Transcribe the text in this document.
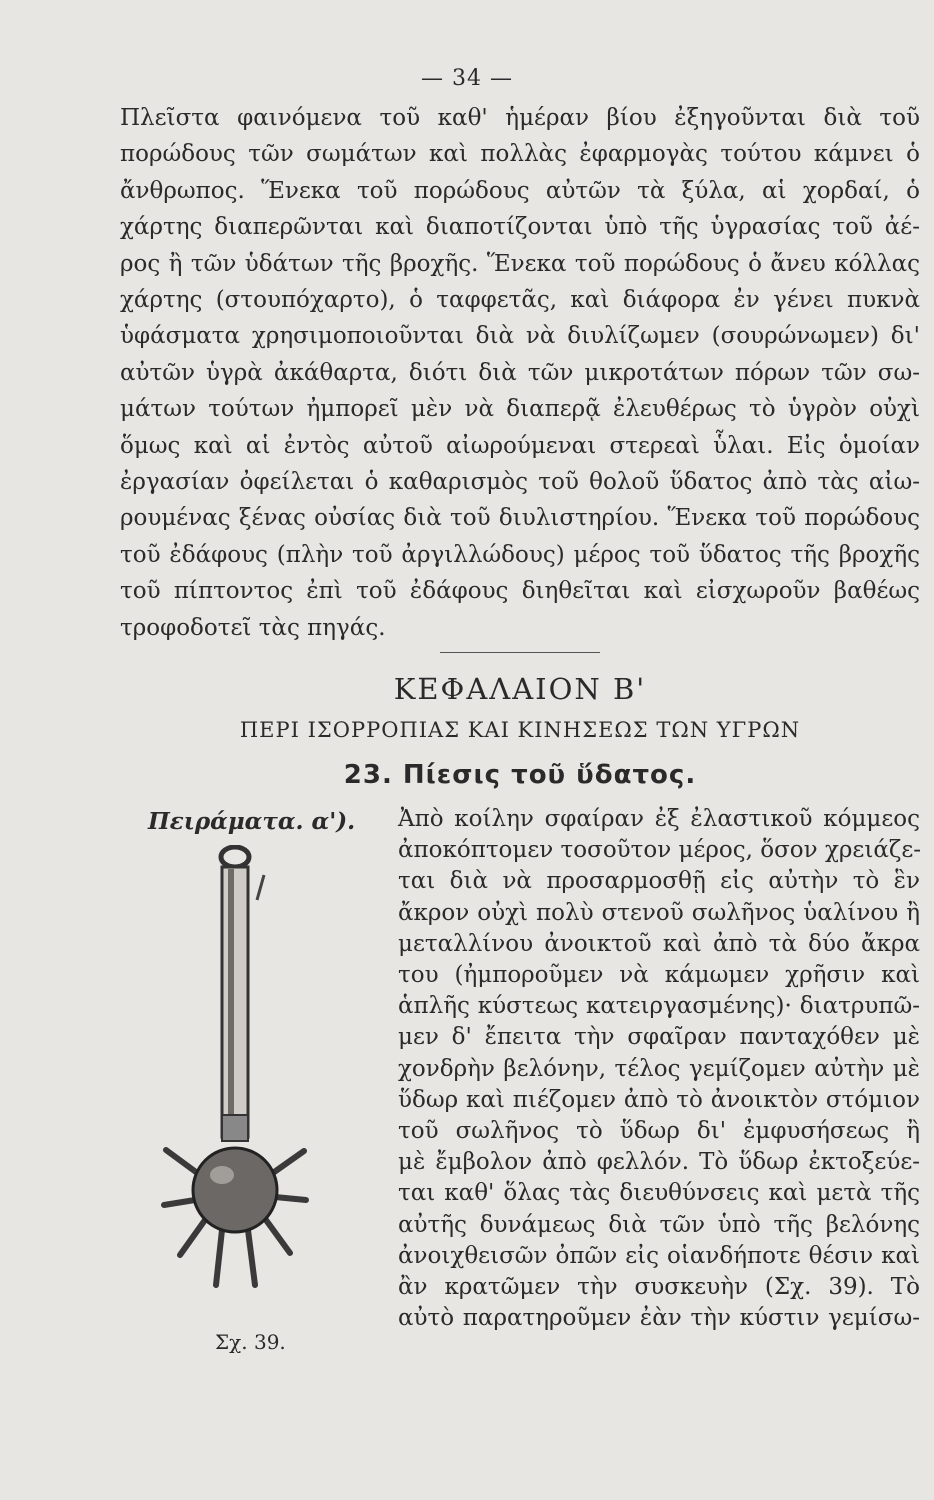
— 34 —
Πλεῖστα φαινόμενα τοῦ καθ' ἡμέραν βίου ἐξηγοῦνται διὰ τοῦ
πορώδους τῶν σωμάτων καὶ πολλὰς ἐφαρμογὰς τούτου κάμνει ὁ
ἄνθρωπος. Ἕνεκα τοῦ πορώδους αὐτῶν τὰ ξύλα, αἱ χορδαί, ὁ
χάρτης διαπερῶνται καὶ διαποτίζονται ὑπὸ τῆς ὑγρασίας τοῦ ἀέ-
ρος ἢ τῶν ὑδάτων τῆς βροχῆς. Ἕνεκα τοῦ πορώδους ὁ ἄνευ κόλλας
χάρτης (στουπόχαρτο), ὁ ταφφετᾶς, καὶ διάφορα ἐν γένει πυκνὰ
ὑφάσματα χρησιμοποιοῦνται διὰ νὰ διυλίζωμεν (σουρώνωμεν) δι'
αὐτῶν ὑγρὰ ἀκάθαρτα, διότι διὰ τῶν μικροτάτων πόρων τῶν σω-
μάτων τούτων ἠμπορεῖ μὲν νὰ διαπερᾷ ἐλευθέρως τὸ ὑγρὸν οὐχὶ
ὅμως καὶ αἱ ἐντὸς αὐτοῦ αἰωρούμεναι στερεαὶ ὗλαι. Εἰς ὁμοίαν
ἐργασίαν ὀφείλεται ὁ καθαρισμὸς τοῦ θολοῦ ὕδατος ἀπὸ τὰς αἰω-
ρουμένας ξένας οὐσίας διὰ τοῦ διυλιστηρίου. Ἕνεκα τοῦ πορώδους
τοῦ ἐδάφους (πλὴν τοῦ ἀργιλλώδους) μέρος τοῦ ὕδατος τῆς βροχῆς
τοῦ πίπτοντος ἐπὶ τοῦ ἐδάφους διηθεῖται καὶ εἰσχωροῦν βαθέως
τροφοδοτεῖ τὰς πηγάς.
ΚΕΦΑΛΑΙΟΝ Β'
ΠΕΡΙ ΙΣΟΡΡΟΠΙΑΣ ΚΑΙ ΚΙΝΗΣΕΩΣ ΤΩΝ ΥΓΡΩΝ
23. Πίεσις τοῦ ὕδατος.
Πειράματα. α'). Ἀπὸ κοίλην σφαίραν ἐξ ἐλαστικοῦ κόμμεος
ἀποκόπτομεν τοσοῦτον μέρος, ὅσον χρειάζε-
ται διὰ νὰ προσαρμοσθῇ εἰς αὐτὴν τὸ ἓν
ἄκρον οὐχὶ πολὺ στενοῦ σωλῆνος ὑαλίνου ἢ
μεταλλίνου ἀνοικτοῦ καὶ ἀπὸ τὰ δύο ἄκρα
του (ἠμποροῦμεν νὰ κάμωμεν χρῆσιν καὶ
ἁπλῆς κύστεως κατειργασμένης)· διατρυπῶ-
μεν δ' ἔπειτα τὴν σφαῖραν πανταχόθεν μὲ
χονδρὴν βελόνην, τέλος γεμίζομεν αὐτὴν μὲ
ὕδωρ καὶ πιέζομεν ἀπὸ τὸ ἀνοικτὸν στόμιον
τοῦ σωλῆνος τὸ ὕδωρ δι' ἐμφυσήσεως ἢ
μὲ ἔμβολον ἀπὸ φελλόν. Τὸ ὕδωρ ἐκτοξεύε-
ται καθ' ὅλας τὰς διευθύνσεις καὶ μετὰ τῆς
αὐτῆς δυνάμεως διὰ τῶν ὑπὸ τῆς βελόνης
ἀνοιχθεισῶν ὀπῶν εἰς οἱανδήποτε θέσιν καὶ
ἂν κρατῶμεν τὴν συσκευὴν (Σχ. 39). Τὸ
αὐτὸ παρατηροῦμεν ἐὰν τὴν κύστιν γεμίσω-
Σχ. 39.
